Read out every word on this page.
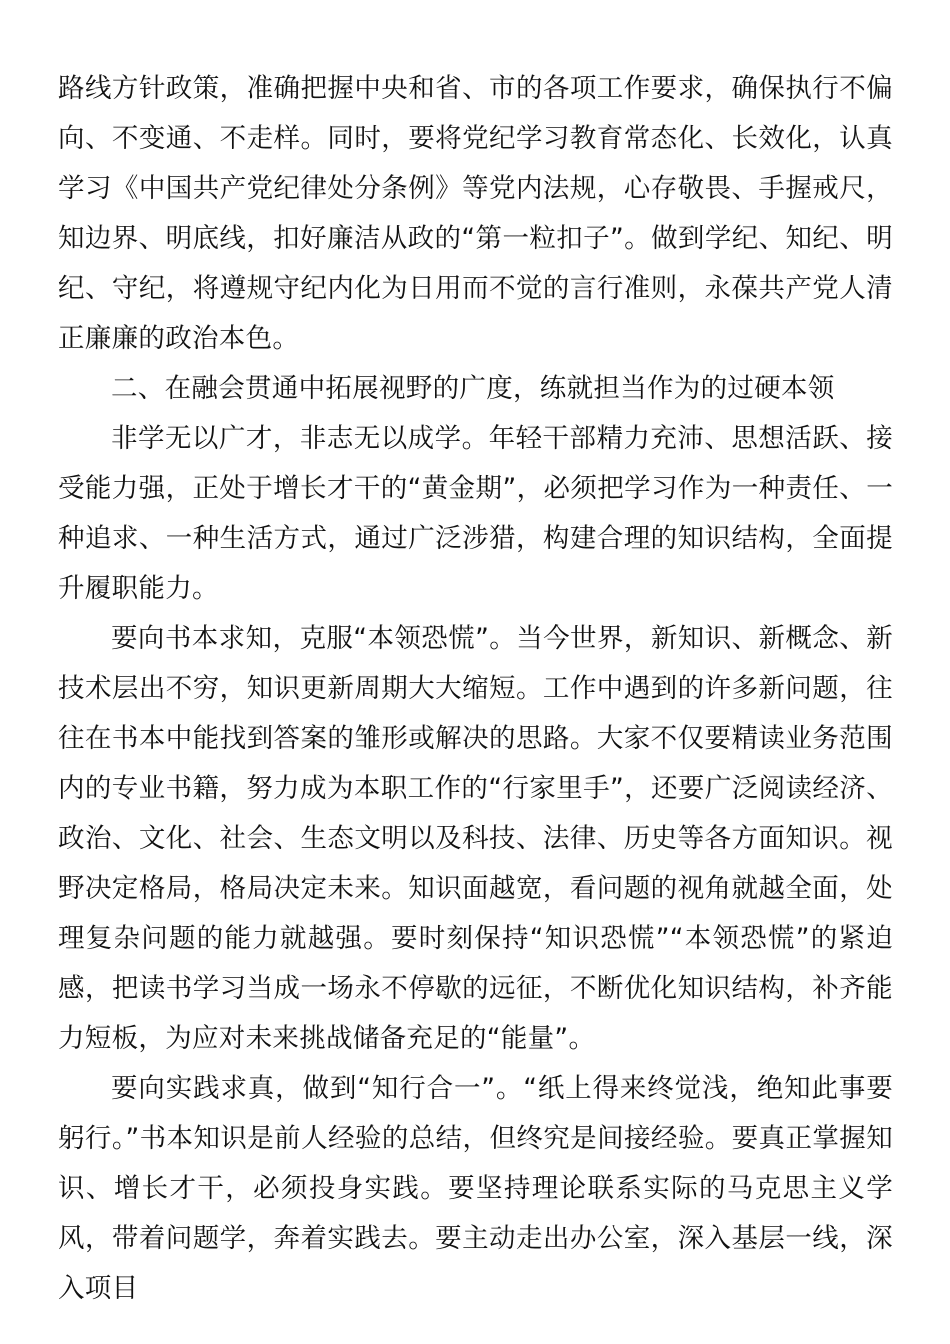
路线方针政策，准确把握中央和省、市的各项工作要求，确保执行不偏向、不变通、不走样。同时，要将党纪学习教育常态化、长效化，认真学习《中国共产党纪律处分条例》等党内法规，心存敬畏、手握戒尺，知边界、明底线，扣好廉洁从政的“第一粒扣子”。做到学纪、知纪、明纪、守纪，将遵规守纪内化为日用而不觉的言行准则，永葆共产党人清正廉廉的政治本色。

二、在融会贯通中拓展视野的广度，练就担当作为的过硬本领

非学无以广才，非志无以成学。年轻干部精力充沛、思想活跃、接受能力强，正处于增长才干的“黄金期”，必须把学习作为一种责任、一种追求、一种生活方式，通过广泛涉猎，构建合理的知识结构，全面提升履职能力。

要向书本求知，克服“本领恐慌”。当今世界，新知识、新概念、新技术层出不穷，知识更新周期大大缩短。工作中遇到的许多新问题，往往在书本中能找到答案的雏形或解决的思路。大家不仅要精读业务范围内的专业书籍，努力成为本职工作的“行家里手”，还要广泛阅读经济、政治、文化、社会、生态文明以及科技、法律、历史等各方面知识。视野决定格局，格局决定未来。知识面越宽，看问题的视角就越全面，处理复杂问题的能力就越强。要时刻保持“知识恐慌”“本领恐慌”的紧迫感，把读书学习当成一场永不停歇的远征，不断优化知识结构，补齐能力短板，为应对未来挑战储备充足的“能量”。

要向实践求真，做到“知行合一”。“纸上得来终觉浅，绝知此事要躬行。”书本知识是前人经验的总结，但终究是间接经验。要真正掌握知识、增长才干，必须投身实践。要坚持理论联系实际的马克思主义学风，带着问题学，奔着实践去。要主动走出办公室，深入基层一线，深入项目
